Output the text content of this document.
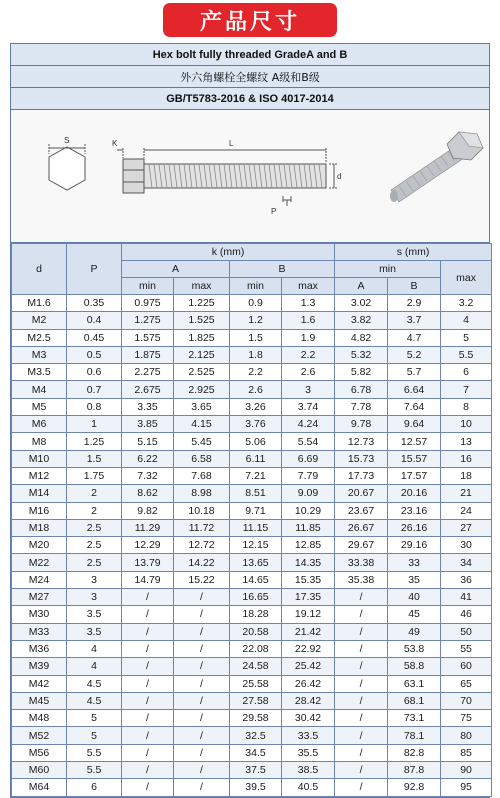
产品尺寸
Hex bolt fully threaded GradeA and B
外六角螺栓全螺纹 A级和B级
GB/T5783-2016 & ISO 4017-2014
S	K	L
d
P
d	P	k (mm)				s (mm)		
		A		B		min		max
		min	max	min	max	A	B	
M1.6	0.35	0.975	1.225	0.9	1.3	3.02	2.9	3.2
M2	0.4	1.275	1.525	1.2	1.6	3.82	3.7	4
M2.5	0.45	1.575	1.825	1.5	1.9	4.82	4.7	5
M3	0.5	1.875	2.125	1.8	2.2	5.32	5.2	5.5
M3.5	0.6	2.275	2.525	2.2	2.6	5.82	5.7	6
M4	0.7	2.675	2.925	2.6	3	6.78	6.64	7
M5	0.8	3.35	3.65	3.26	3.74	7.78	7.64	8
M6	1	3.85	4.15	3.76	4.24	9.78	9.64	10
M8	1.25	5.15	5.45	5.06	5.54	12.73	12.57	13
M10	1.5	6.22	6.58	6.11	6.69	15.73	15.57	16
M12	1.75	7.32	7.68	7.21	7.79	17.73	17.57	18
M14	2	8.62	8.98	8.51	9.09	20.67	20.16	21
M16	2	9.82	10.18	9.71	10.29	23.67	23.16	24
M18	2.5	11.29	11.72	11.15	11.85	26.67	26.16	27
M20	2.5	12.29	12.72	12.15	12.85	29.67	29.16	30
M22	2.5	13.79	14.22	13.65	14.35	33.38	33	34
M24	3	14.79	15.22	14.65	15.35	35.38	35	36
M27	3	/	/	16.65	17.35	/	40	41
M30	3.5	/	/	18.28	19.12	/	45	46
M33	3.5	/	/	20.58	21.42	/	49	50
M36	4	/	/	22.08	22.92	/	53.8	55
M39	4	/	/	24.58	25.42	/	58.8	60
M42	4.5	/	/	25.58	26.42	/	63.1	65
M45	4.5	/	/	27.58	28.42	/	68.1	70
M48	5	/	/	29.58	30.42	/	73.1	75
M52	5	/	/	32.5	33.5	/	78.1	80
M56	5.5	/	/	34.5	35.5	/	82.8	85
M60	5.5	/	/	37.5	38.5	/	87.8	90
M64	6	/	/	39.5	40.5	/	92.8	95
